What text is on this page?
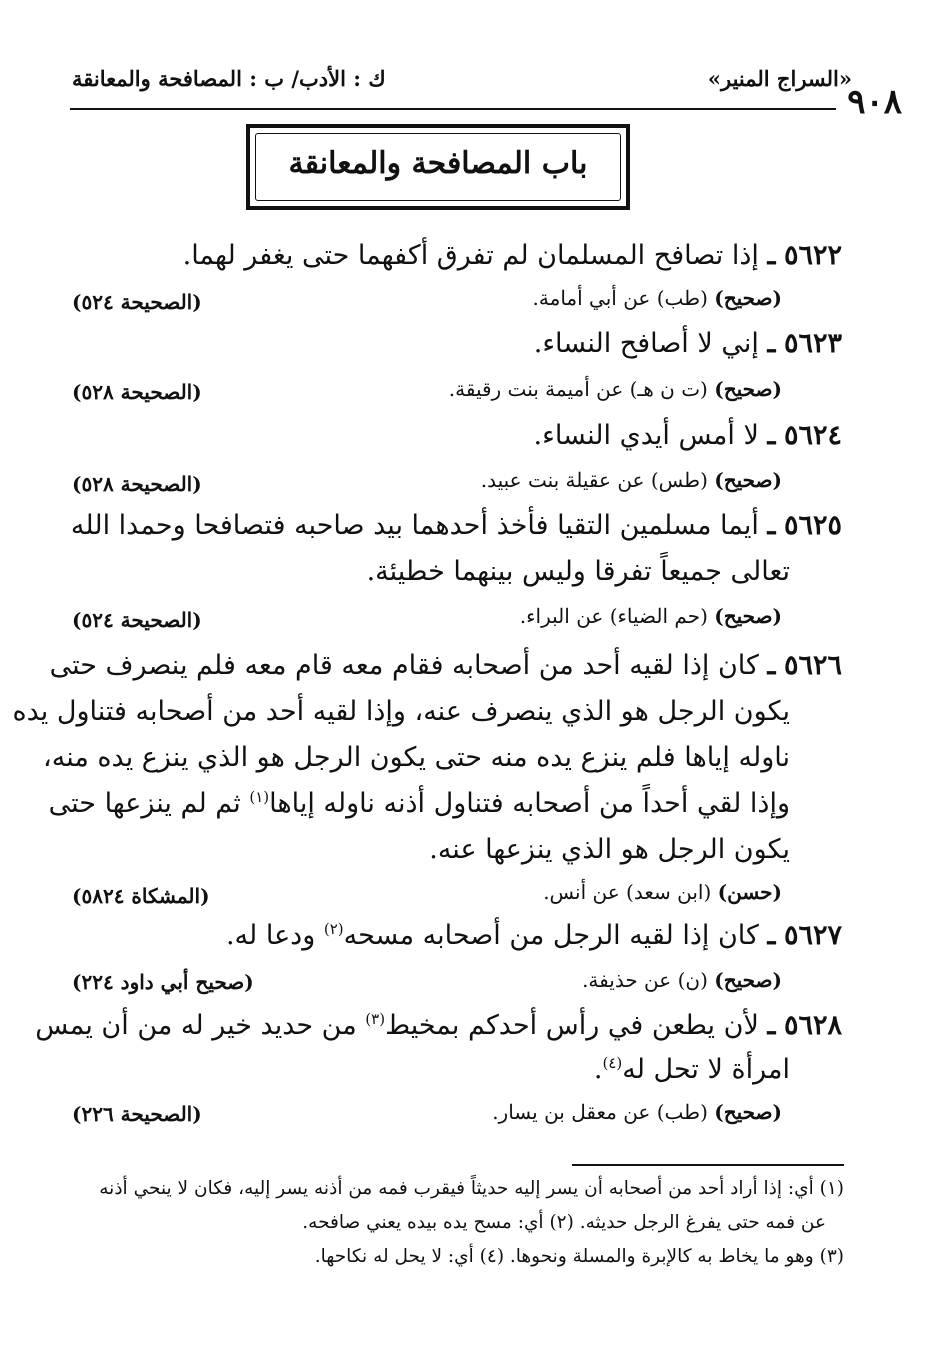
٩٠٨
«السراج المنير»
ك : الأدب/ ب : المصافحة والمعانقة
باب المصافحة والمعانقة
٥٦٢٢ ـ إذا تصافح المسلمان لم تفرق أكفهما حتى يغفر لهما.
(صحيح) (طب) عن أبي أمامة.
(الصحيحة ٥٢٤)
٥٦٢٣ ـ إني لا أصافح النساء.
(صحيح) (ت ن هـ) عن أميمة بنت رقيقة.
(الصحيحة ٥٢٨)
٥٦٢٤ ـ لا أمس أيدي النساء.
(صحيح) (طس) عن عقيلة بنت عبيد.
(الصحيحة ٥٢٨)
٥٦٢٥ ـ أيما مسلمين التقيا فأخذ أحدهما بيد صاحبه فتصافحا وحمدا الله
تعالى جميعاً تفرقا وليس بينهما خطيئة.
(صحيح) (حم الضياء) عن البراء.
(الصحيحة ٥٢٤)
٥٦٢٦ ـ كان إذا لقيه أحد من أصحابه فقام معه قام معه فلم ينصرف حتى
يكون الرجل هو الذي ينصرف عنه، وإذا لقيه أحد من أصحابه فتناول يده
ناوله إياها فلم ينزع يده منه حتى يكون الرجل هو الذي ينزع يده منه،
وإذا لقي أحداً من أصحابه فتناول أذنه ناوله إياها$^{(١)}$ ثم لم ينزعها حتى
يكون الرجل هو الذي ينزعها عنه.
(حسن) (ابن سعد) عن أنس.
(المشكاة ٥٨٢٤)
٥٦٢٧ ـ كان إذا لقيه الرجل من أصحابه مسحه$^{(٢)}$ ودعا له.
(صحيح) (ن) عن حذيفة.
(صحيح أبي داود ٢٢٤)
٥٦٢٨ ـ لأن يطعن في رأس أحدكم بمخيط$^{(٣)}$ من حديد خير له من أن يمس
امرأة لا تحل له$^{(٤)}$.
(صحيح) (طب) عن معقل بن يسار.
(الصحيحة ٢٢٦)
(١) أي: إذا أراد أحد من أصحابه أن يسر إليه حديثاً فيقرب فمه من أذنه يسر إليه، فكان لا ينحي أذنه
عن فمه حتى يفرغ الرجل حديثه. (٢) أي: مسح يده بيده يعني صافحه.
(٣) وهو ما يخاط به كالإبرة والمسلة ونحوها. (٤) أي: لا يحل له نكاحها.
